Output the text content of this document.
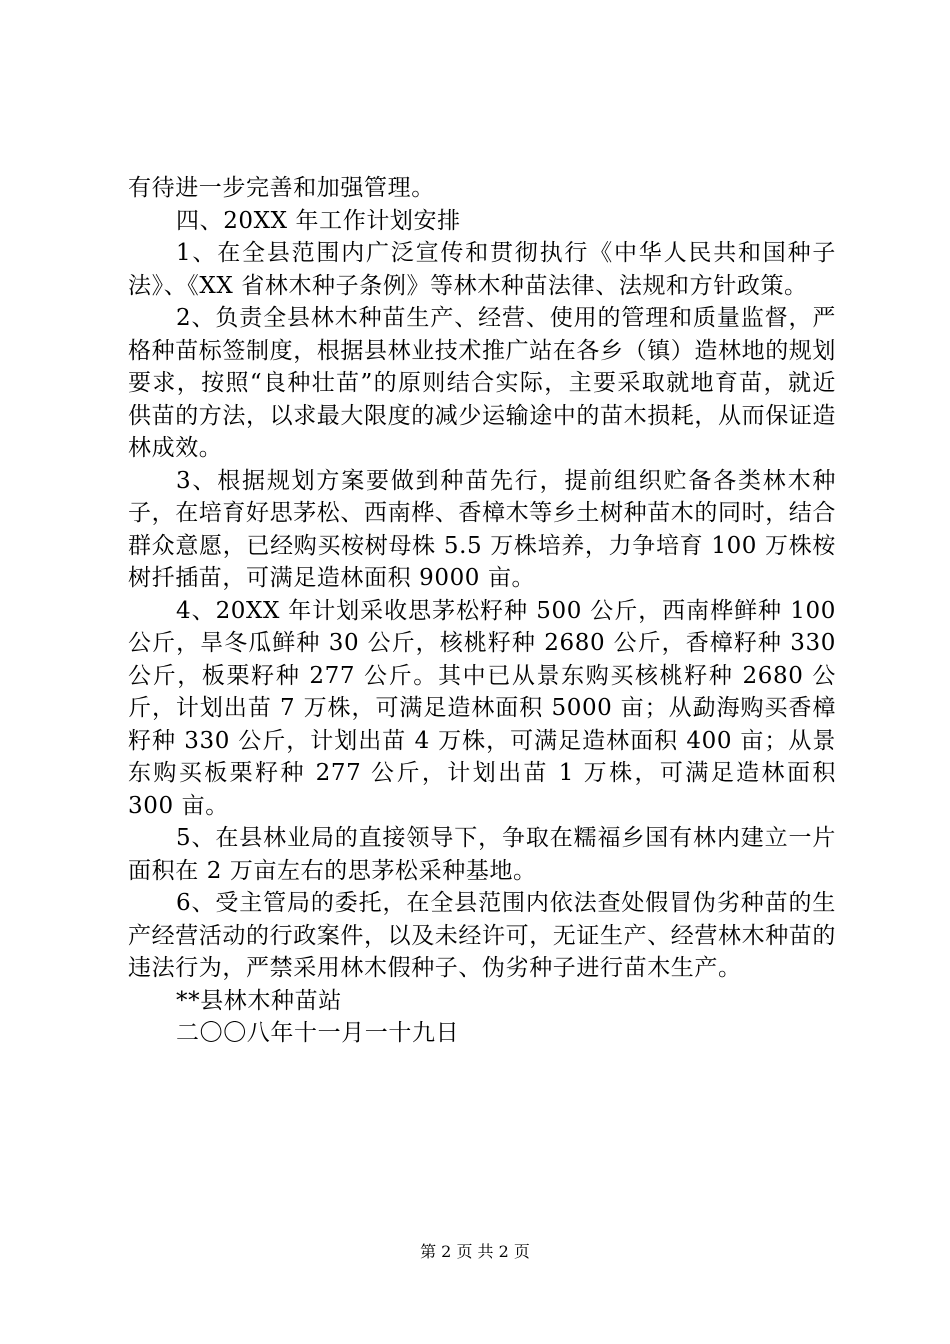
有待进一步完善和加强管理。

四、20XX 年工作计划安排

1、在全县范围内广泛宣传和贯彻执行《中华人民共和国种子法》、《XX 省林木种子条例》等林木种苗法律、法规和方针政策。

2、负责全县林木种苗生产、经营、使用的管理和质量监督，严格种苗标签制度，根据县林业技术推广站在各乡（镇）造林地的规划要求，按照“良种壮苗”的原则结合实际，主要采取就地育苗，就近供苗的方法，以求最大限度的减少运输途中的苗木损耗，从而保证造林成效。

3、根据规划方案要做到种苗先行，提前组织贮备各类林木种子，在培育好思茅松、西南桦、香樟木等乡土树种苗木的同时，结合群众意愿，已经购买桉树母株 5.5 万株培养，力争培育 100 万株桉树扦插苗，可满足造林面积 9000 亩。

4、20XX 年计划采收思茅松籽种 500 公斤，西南桦鲜种 100 公斤，旱冬瓜鲜种 30 公斤，核桃籽种 2680 公斤，香樟籽种 330 公斤，板栗籽种 277 公斤。其中已从景东购买核桃籽种 2680 公斤，计划出苗 7 万株，可满足造林面积 5000 亩；从勐海购买香樟籽种 330 公斤，计划出苗 4 万株，可满足造林面积 400 亩；从景东购买板栗籽种 277 公斤，计划出苗 1 万株，可满足造林面积 300 亩。

5、在县林业局的直接领导下，争取在糯福乡国有林内建立一片面积在 2 万亩左右的思茅松采种基地。

6、受主管局的委托，在全县范围内依法查处假冒伪劣种苗的生产经营活动的行政案件，以及未经许可，无证生产、经营林木种苗的违法行为，严禁采用林木假种子、伪劣种子进行苗木生产。

**县林木种苗站

二〇〇八年十一月一十九日

第 2 页 共 2 页
